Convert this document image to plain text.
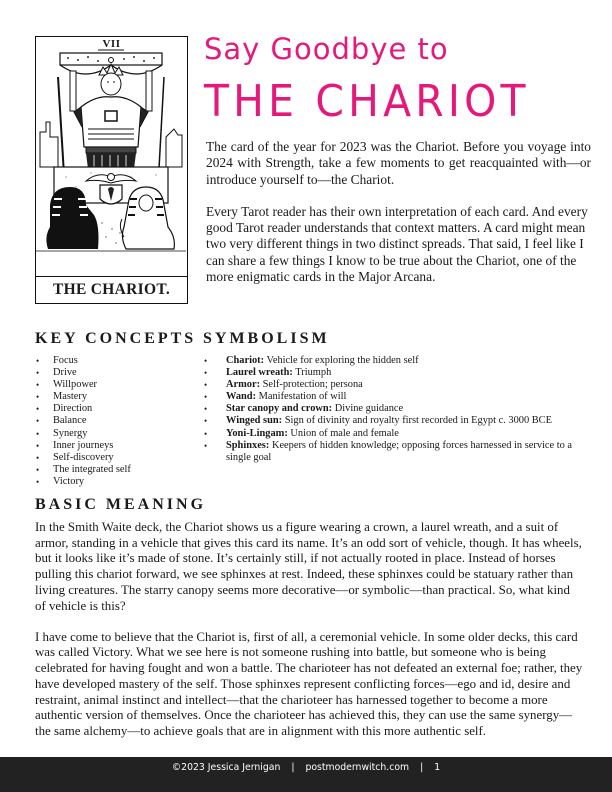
VII
THE CHARIOT.
Say Goodbye to
THE CHARIOT

The card of the year for 2023 was the Chariot. Before you voyage into 2024 with Strength, take a few moments to get reacquainted with—or introduce yourself to—the Chariot.

Every Tarot reader has their own interpretation of each card. And every good Tarot reader understands that context matters. A card might mean two very different things in two distinct spreads. That said, I feel like I can share a few things I know to be true about the Chariot, one of the more enigmatic cards in the Major Arcana.

KEY CONCEPTS
• Focus
• Drive
• Willpower
• Mastery
• Direction
• Balance
• Synergy
• Inner journeys
• Self-discovery
• The integrated self
• Victory
SYMBOLISM
• Chariot: Vehicle for exploring the hidden self
• Laurel wreath: Triumph
• Armor: Self-protection; persona
• Wand: Manifestation of will
• Star canopy and crown: Divine guidance
• Winged sun: Sign of divinity and royalty first recorded in Egypt c. 3000 BCE
• Yoni-Lingam: Union of male and female
• Sphinxes: Keepers of hidden knowledge; opposing forces harnessed in service to a single goal
BASIC MEANING

In the Smith Waite deck, the Chariot shows us a figure wearing a crown, a laurel wreath, and a suit of armor, standing in a vehicle that gives this card its name. It’s an odd sort of vehicle, though. It has wheels, but it looks like it’s made of stone. It’s certainly still, if not actually rooted in place. Instead of horses pulling this chariot forward, we see sphinxes at rest. Indeed, these sphinxes could be statuary rather than living creatures. The starry canopy seems more decorative—or symbolic—than practical. So, what kind of vehicle is this?

I have come to believe that the Chariot is, first of all, a ceremonial vehicle. In some older decks, this card was called Victory. What we see here is not someone rushing into battle, but someone who is being celebrated for having fought and won a battle. The charioteer has not defeated an external foe; rather, they have developed mastery of the self. Those sphinxes represent conflicting forces—ego and id, desire and restraint, animal instinct and intellect—that the charioteer has harnessed together to become a more authentic version of themselves. Once the charioteer has achieved this, they can use the same synergy—the same alchemy—to achieve goals that are in alignment with this more authentic self.

©2023 Jessica Jernigan | postmodernwitch.com | 1
